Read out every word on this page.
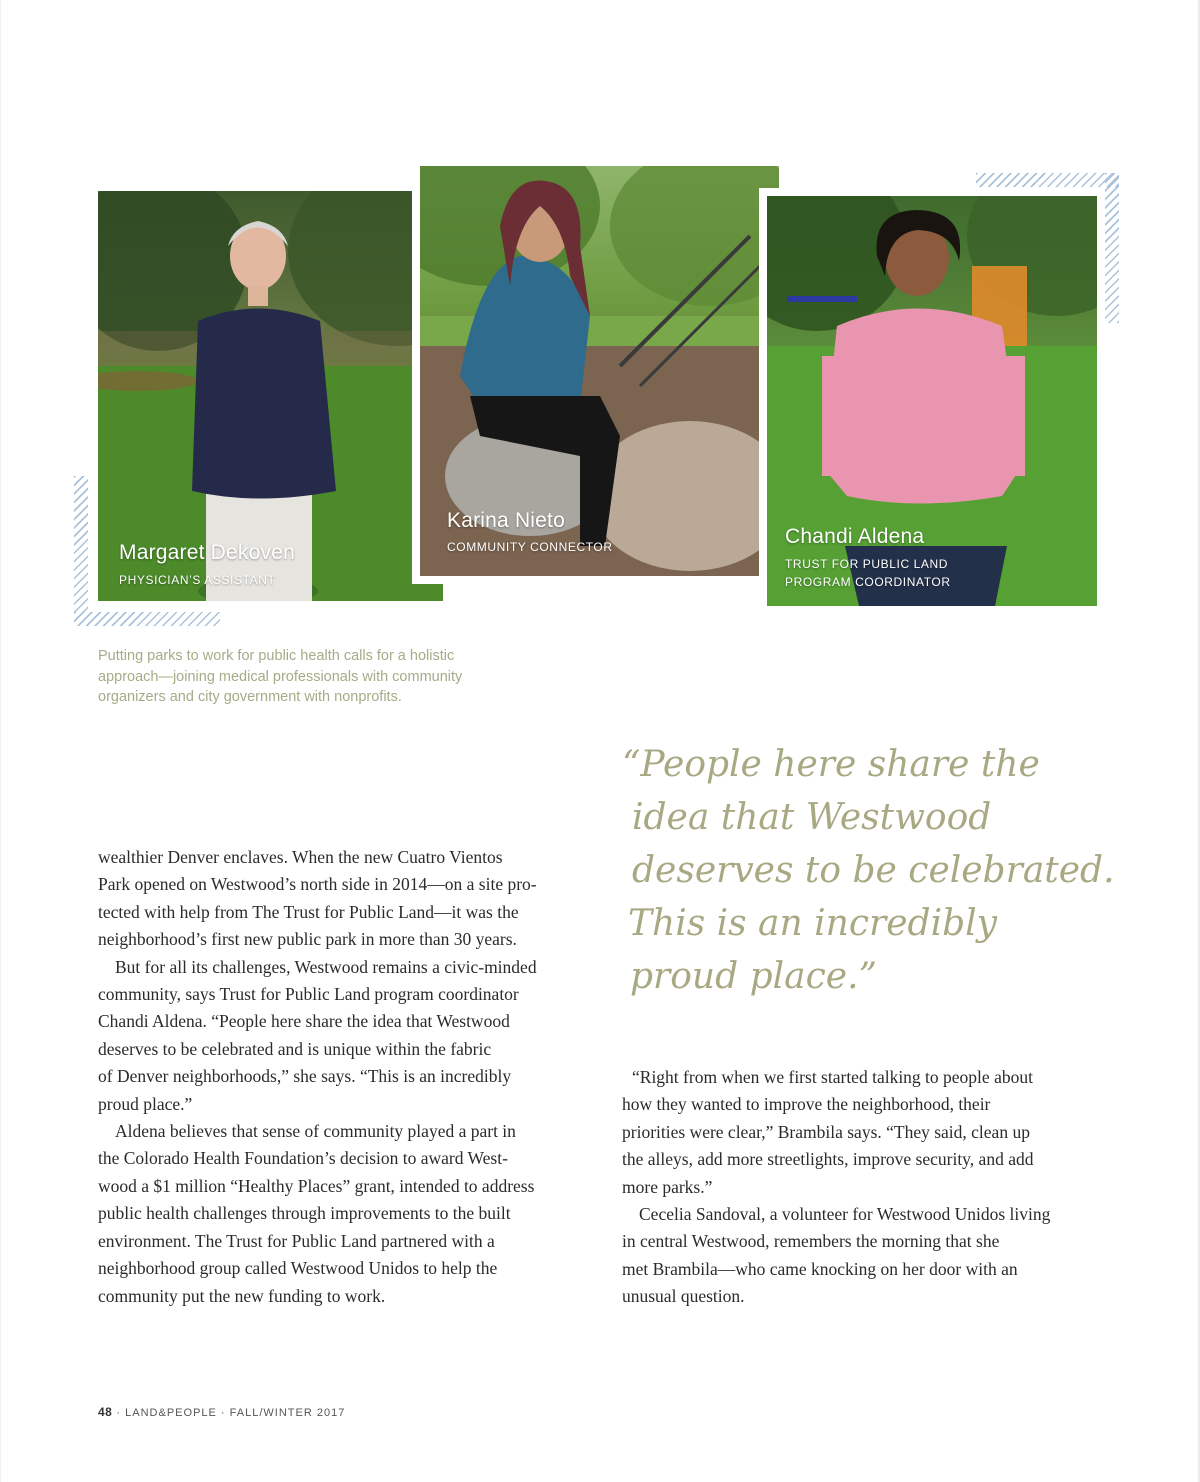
Margaret Dekoven
PHYSICIAN’S ASSISTANT
Karina Nieto
COMMUNITY CONNECTOR	Chandi Aldena
TRUST FOR PUBLIC LAND
PROGRAM COORDINATOR
Putting parks to work for public health calls for a holistic
approach—joining medical professionals with community
organizers and city government with nonprofits.
“People here share the
idea that Westwood
deserves to be celebrated.
This is an incredibly
proud place.”

wealthier Denver enclaves. When the new Cuatro Vientos
Park opened on Westwood’s north side in 2014—on a site pro-
tected with help from The Trust for Public Land—it was the
neighborhood’s first new public park in more than 30 years.

But for all its challenges, Westwood remains a civic-minded
community, says Trust for Public Land program coordinator
Chandi Aldena. “People here share the idea that Westwood
deserves to be celebrated and is unique within the fabric
of Denver neighborhoods,” she says. “This is an incredibly
proud place.”

Aldena believes that sense of community played a part in
the Colorado Health Foundation’s decision to award West-
wood a $1 million “Healthy Places” grant, intended to address
public health challenges through improvements to the built
environment. The Trust for Public Land partnered with a
neighborhood group called Westwood Unidos to help the
community put the new funding to work.

“Right from when we first started talking to people about
how they wanted to improve the neighborhood, their
priorities were clear,” Brambila says. “They said, clean up
the alleys, add more streetlights, improve security, and add
more parks.”

Cecelia Sandoval, a volunteer for Westwood Unidos living
in central Westwood, remembers the morning that she
met Brambila—who came knocking on her door with an
unusual question.

48 · LAND&PEOPLE · FALL/WINTER 2017
